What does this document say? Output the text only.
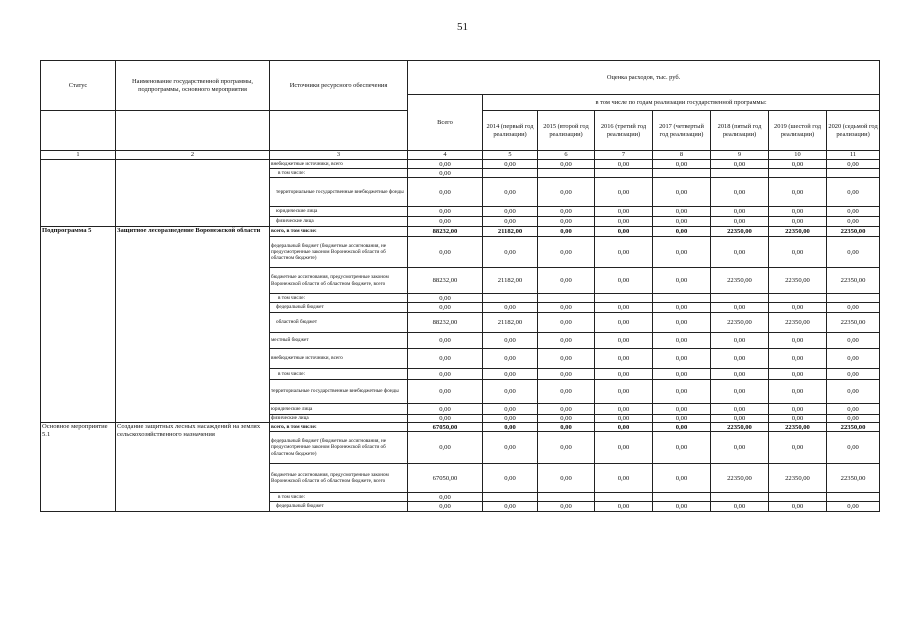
51
Статус	Наименование государственной программы, подпрограммы, основного мероприятия	Источники ресурсного обеспечения	Оценка расходов, тыс. руб.							
			Всего	в том числе по годам реализации государственной программы:						
				2014 (первый год реализации)	2015 (второй год реализации)	2016 (третий год реализации)	2017 (четвертый год реализации)	2018 (пятый год реализации)	2019 (шестой год реализации)	2020 (седьмой год реализации)
1	2	3	4	5	6	7	8	9	10	11
		внебюджетные источники, всего	0,00	0,00	0,00	0,00	0,00	0,00	0,00	0,00
		в том числе:	0,00							
		территориальные государственные внебюджетные фонды	0,00	0,00	0,00	0,00	0,00	0,00	0,00	0,00
		юридические лица	0,00	0,00	0,00	0,00	0,00	0,00	0,00	0,00
		физические лица	0,00	0,00	0,00	0,00	0,00	0,00	0,00	0,00
Подпрограмма 5	Защитное лесоразведение Воронежской области	всего, в том числе:	88232,00	21182,00	0,00	0,00	0,00	22350,00	22350,00	22350,00
		федеральный бюджет (бюджетные ассигнования, не предусмотренные законом Воронежской области об областном бюджете)	0,00	0,00	0,00	0,00	0,00	0,00	0,00	0,00
		бюджетные ассигнования, предусмотренные законом Воронежской области об областном бюджете, всего	88232,00	21182,00	0,00	0,00	0,00	22350,00	22350,00	22350,00
		в том числе:	0,00							
		федеральный бюджет	0,00	0,00	0,00	0,00	0,00	0,00	0,00	0,00
		областной бюджет	88232,00	21182,00	0,00	0,00	0,00	22350,00	22350,00	22350,00
		местный бюджет	0,00	0,00	0,00	0,00	0,00	0,00	0,00	0,00
		внебюджетные источники, всего	0,00	0,00	0,00	0,00	0,00	0,00	0,00	0,00
		в том числе:	0,00	0,00	0,00	0,00	0,00	0,00	0,00	0,00
		территориальные государственные внебюджетные фонды	0,00	0,00	0,00	0,00	0,00	0,00	0,00	0,00
		юридические лица	0,00	0,00	0,00	0,00	0,00	0,00	0,00	0,00
		физические лица	0,00	0,00	0,00	0,00	0,00	0,00	0,00	0,00
Основное мероприятие 5.1	Создание защитных лесных насаждений на землях сельскохозяйственного назначения	всего, в том числе:	67050,00	0,00	0,00	0,00	0,00	22350,00	22350,00	22350,00
		федеральный бюджет (бюджетные ассигнования, не предусмотренные законом Воронежской области об областном бюджете)	0,00	0,00	0,00	0,00	0,00	0,00	0,00	0,00
		бюджетные ассигнования, предусмотренные законом Воронежской области об областном бюджете, всего	67050,00	0,00	0,00	0,00	0,00	22350,00	22350,00	22350,00
		в том числе:	0,00							
		федеральный бюджет	0,00	0,00	0,00	0,00	0,00	0,00	0,00	0,00
